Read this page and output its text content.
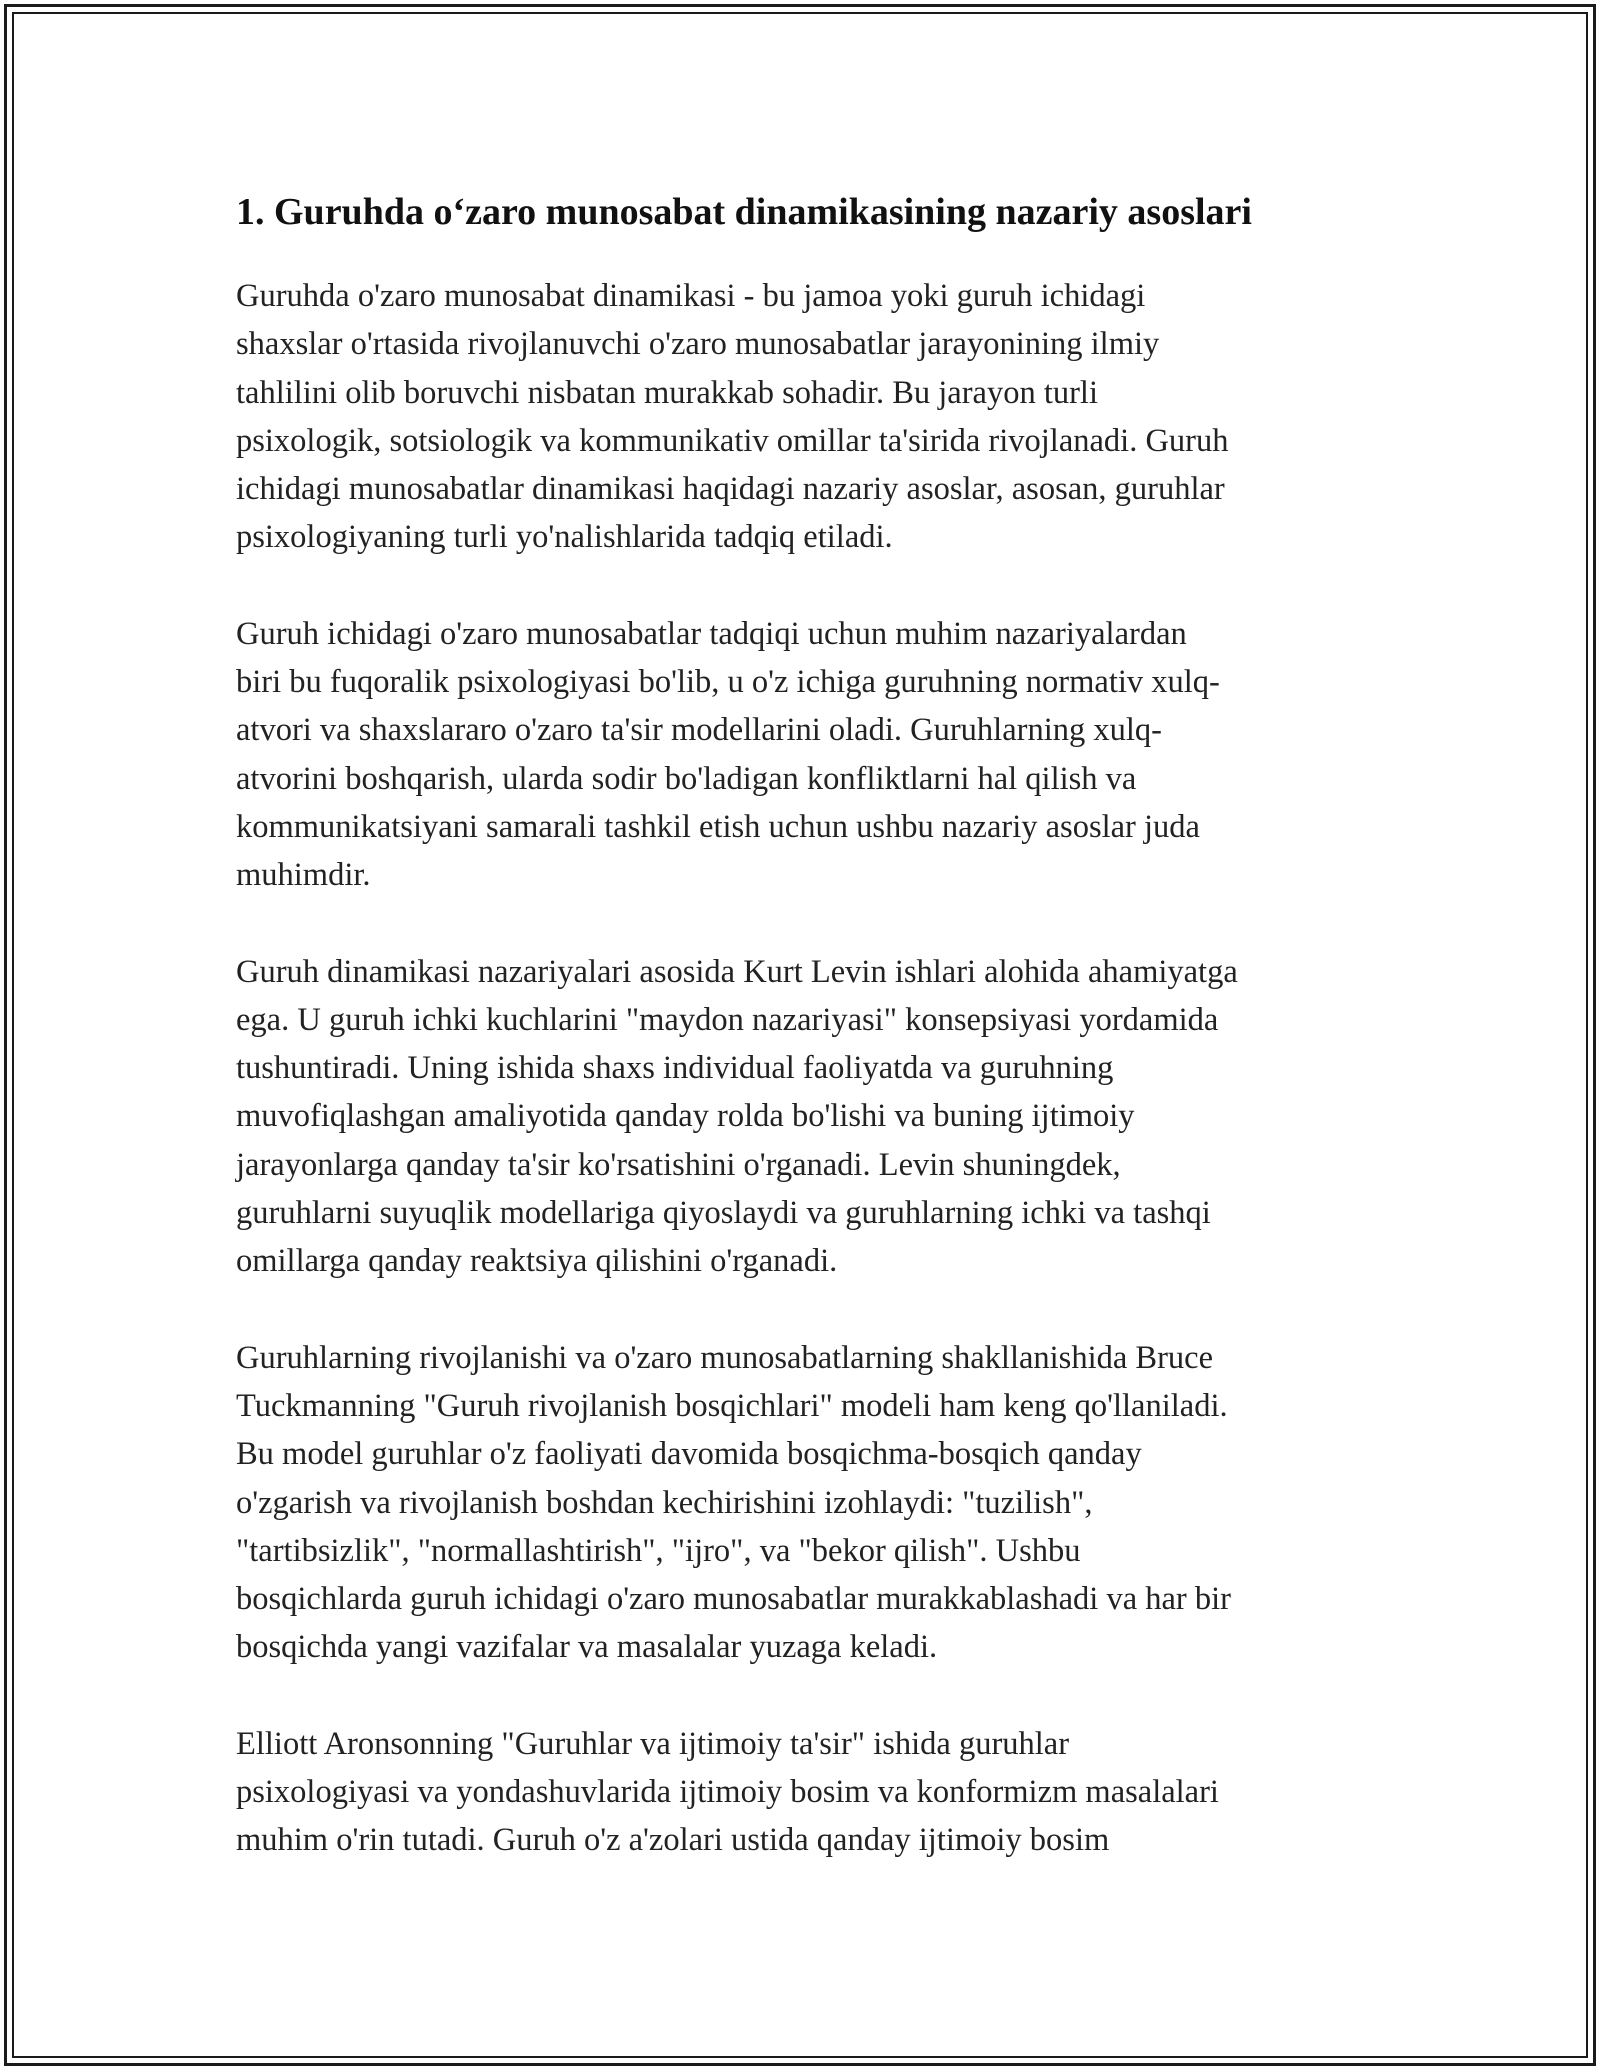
1. Guruhda o‘zaro munosabat dinamikasining nazariy asoslari

Guruhda o'zaro munosabat dinamikasi - bu jamoa yoki guruh ichidagi
shaxslar o'rtasida rivojlanuvchi o'zaro munosabatlar jarayonining ilmiy
tahlilini olib boruvchi nisbatan murakkab sohadir. Bu jarayon turli
psixologik, sotsiologik va kommunikativ omillar ta'sirida rivojlanadi. Guruh
ichidagi munosabatlar dinamikasi haqidagi nazariy asoslar, asosan, guruhlar
psixologiyaning turli yo'nalishlarida tadqiq etiladi.

Guruh ichidagi o'zaro munosabatlar tadqiqi uchun muhim nazariyalardan
biri bu fuqoralik psixologiyasi bo'lib, u o'z ichiga guruhning normativ xulq-
atvori va shaxslararo o'zaro ta'sir modellarini oladi. Guruhlarning xulq-
atvorini boshqarish, ularda sodir bo'ladigan konfliktlarni hal qilish va
kommunikatsiyani samarali tashkil etish uchun ushbu nazariy asoslar juda
muhimdir.

Guruh dinamikasi nazariyalari asosida Kurt Levin ishlari alohida ahamiyatga
ega. U guruh ichki kuchlarini "maydon nazariyasi" konsepsiyasi yordamida
tushuntiradi. Uning ishida shaxs individual faoliyatda va guruhning
muvofiqlashgan amaliyotida qanday rolda bo'lishi va buning ijtimoiy
jarayonlarga qanday ta'sir ko'rsatishini o'rganadi. Levin shuningdek,
guruhlarni suyuqlik modellariga qiyoslaydi va guruhlarning ichki va tashqi
omillarga qanday reaktsiya qilishini o'rganadi.

Guruhlarning rivojlanishi va o'zaro munosabatlarning shakllanishida Bruce
Tuckmanning "Guruh rivojlanish bosqichlari" modeli ham keng qo'llaniladi.
Bu model guruhlar o'z faoliyati davomida bosqichma-bosqich qanday
o'zgarish va rivojlanish boshdan kechirishini izohlaydi: "tuzilish",
"tartibsizlik", "normallashtirish", "ijro", va "bekor qilish". Ushbu
bosqichlarda guruh ichidagi o'zaro munosabatlar murakkablashadi va har bir
bosqichda yangi vazifalar va masalalar yuzaga keladi.

Elliott Aronsonning "Guruhlar va ijtimoiy ta'sir" ishida guruhlar
psixologiyasi va yondashuvlarida ijtimoiy bosim va konformizm masalalari
muhim o'rin tutadi. Guruh o'z a'zolari ustida qanday ijtimoiy bosim
